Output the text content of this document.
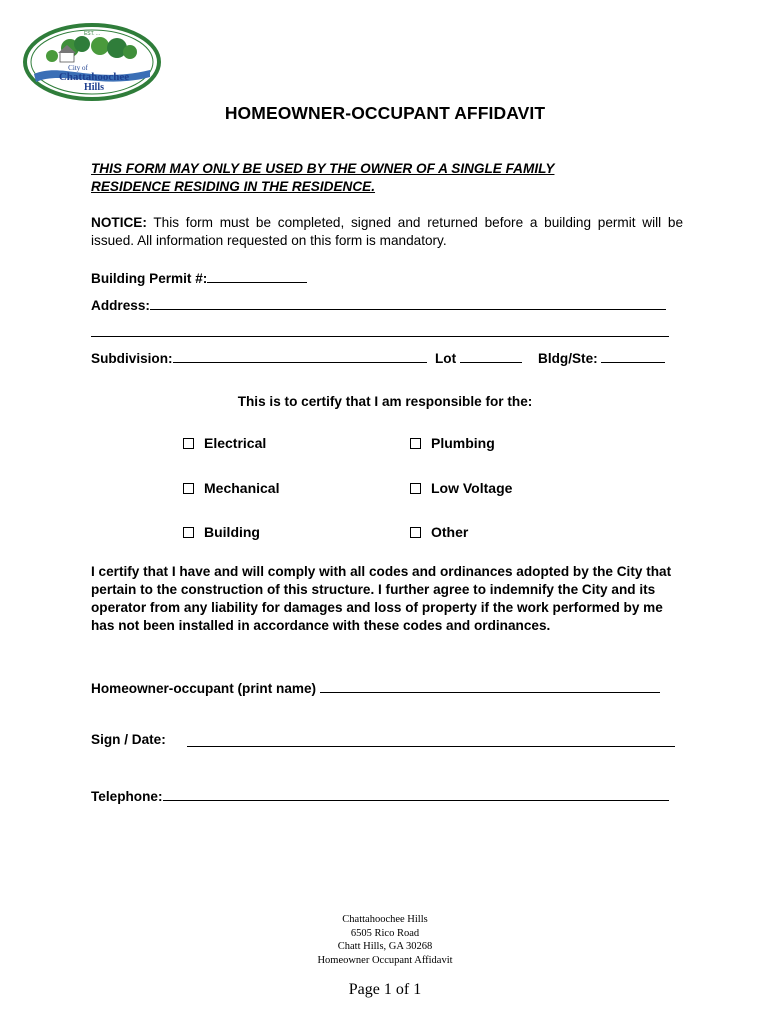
EST. ...
City of
Chattahoochee
Hills
HOMEOWNER-OCCUPANT AFFIDAVIT
THIS FORM MAY ONLY BE USED BY THE OWNER OF A SINGLE FAMILY
RESIDENCE RESIDING IN THE RESIDENCE.
NOTICE: This form must be completed, signed and returned before a building permit will be issued. All information requested on this form is mandatory.
Building Permit #:
Address:
Subdivision:	Lot	Bldg/Ste:
This is to certify that I am responsible for the:
Electrical	Plumbing
Mechanical	Low Voltage
Building	Other
I certify that I have and will comply with all codes and ordinances adopted by the City that pertain to the construction of this structure. I further agree to indemnify the City and its operator from any liability for damages and loss of property if the work performed by me has not been installed in accordance with these codes and ordinances.
Homeowner-occupant (print name)
Sign / Date:
Telephone:
Chattahoochee Hills
6505 Rico Road
Chatt Hills, GA 30268
Homeowner Occupant Affidavit
Page 1 of 1
